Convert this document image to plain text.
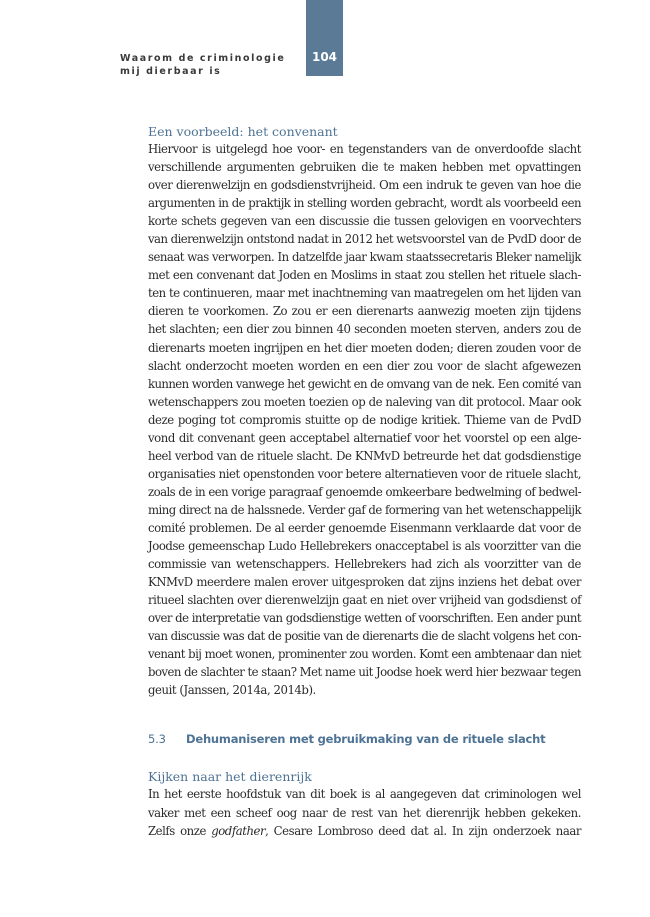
Waarom de criminologie
mij dierbaar is
104
Een voorbeeld: het convenant
Hiervoor is uitgelegd hoe voor- en tegenstanders van de onverdoofde slacht
verschillende argumenten gebruiken die te maken hebben met opvattingen
over dierenwelzijn en godsdienstvrijheid. Om een indruk te geven van hoe die
argumenten in de praktijk in stelling worden gebracht, wordt als voorbeeld een
korte schets gegeven van een discussie die tussen gelovigen en voorvechters
van dierenwelzijn ontstond nadat in 2012 het wetsvoorstel van de PvdD door de
senaat was verworpen. In datzelfde jaar kwam staatssecretaris Bleker namelijk
met een convenant dat Joden en Moslims in staat zou stellen het rituele slach-
ten te continueren, maar met inachtneming van maatregelen om het lijden van
dieren te voorkomen. Zo zou er een dierenarts aanwezig moeten zijn tijdens
het slachten; een dier zou binnen 40 seconden moeten sterven, anders zou de
dierenarts moeten ingrijpen en het dier moeten doden; dieren zouden voor de
slacht onderzocht moeten worden en een dier zou voor de slacht afgewezen
kunnen worden vanwege het gewicht en de omvang van de nek. Een comité van
wetenschappers zou moeten toezien op de naleving van dit protocol. Maar ook
deze poging tot compromis stuitte op de nodige kritiek. Thieme van de PvdD
vond dit convenant geen acceptabel alternatief voor het voorstel op een alge-
heel verbod van de rituele slacht. De KNMvD betreurde het dat godsdienstige
organisaties niet openstonden voor betere alternatieven voor de rituele slacht,
zoals de in een vorige paragraaf genoemde omkeerbare bedwelming of bedwel-
ming direct na de halssnede. Verder gaf de formering van het wetenschappelijk
comité problemen. De al eerder genoemde Eisenmann verklaarde dat voor de
Joodse gemeenschap Ludo Hellebrekers onacceptabel is als voorzitter van die
commissie van wetenschappers. Hellebrekers had zich als voorzitter van de
KNMvD meerdere malen erover uitgesproken dat zijns inziens het debat over
ritueel slachten over dierenwelzijn gaat en niet over vrijheid van godsdienst of
over de interpretatie van godsdienstige wetten of voorschriften. Een ander punt
van discussie was dat de positie van de dierenarts die de slacht volgens het con-
venant bij moet wonen, prominenter zou worden. Komt een ambtenaar dan niet
boven de slachter te staan? Met name uit Joodse hoek werd hier bezwaar tegen
geuit (Janssen, 2014a, 2014b).
5.3	Dehumaniseren met gebruikmaking van de rituele slacht
Kijken naar het dierenrijk
In het eerste hoofdstuk van dit boek is al aangegeven dat criminologen wel
vaker met een scheef oog naar de rest van het dierenrijk hebben gekeken.
Zelfs onze godfather, Cesare Lombroso deed dat al. In zijn onderzoek naar
